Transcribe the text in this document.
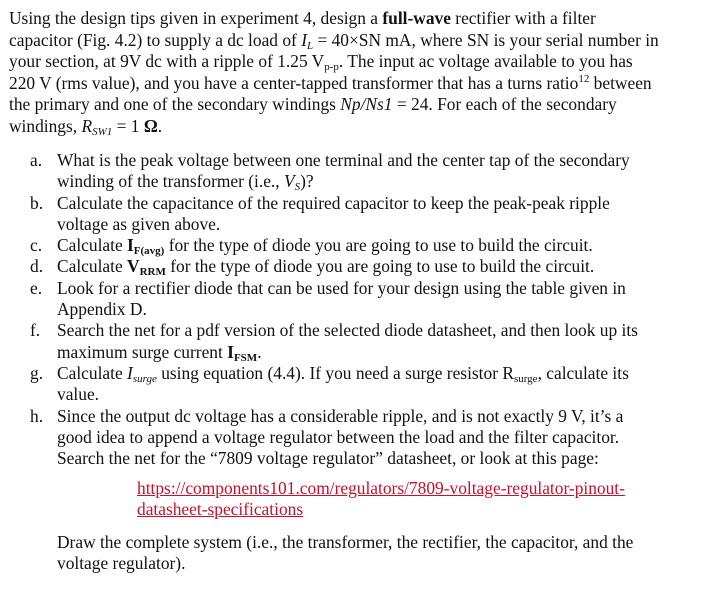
Using the design tips given in experiment 4, design a full-wave rectifier with a filter
capacitor (Fig. 4.2) to supply a dc load of $I_L = 40\times SN$ mA, where SN is your serial number in
your section, at 9V dc with a ripple of 1.25 $V_{p-p}$. The input ac voltage available to you has
220 V (rms value), and you have a center-tapped transformer that has a turns ratio$^{12}$ between
the primary and one of the secondary windings Np/Ns1 = 24. For each of the secondary
windings, $R_{SW1} = 1$ Ω.
a. What is the peak voltage between one terminal and the center tap of the secondary
winding of the transformer (i.e., $V_S$)?
b. Calculate the capacitance of the required capacitor to keep the peak-peak ripple
voltage as given above.
c. Calculate $I_{F(avg)}$ for the type of diode you are going to use to build the circuit.
d. Calculate $V_{RRM}$ for the type of diode you are going to use to build the circuit.
e. Look for a rectifier diode that can be used for your design using the table given in
Appendix D.
f. Search the net for a pdf version of the selected diode datasheet, and then look up its
maximum surge current $I_{FSM}$.
g. Calculate $I_{surge}$ using equation (4.4). If you need a surge resistor $R_{surge}$, calculate its
value.
h. Since the output dc voltage has a considerable ripple, and is not exactly 9 V, it’s a
good idea to append a voltage regulator between the load and the filter capacitor.
Search the net for the “7809 voltage regulator” datasheet, or look at this page:
https://components101.com/regulators/7809-voltage-regulator-pinout-
datasheet-specifications
Draw the complete system (i.e., the transformer, the rectifier, the capacitor, and the
voltage regulator).
